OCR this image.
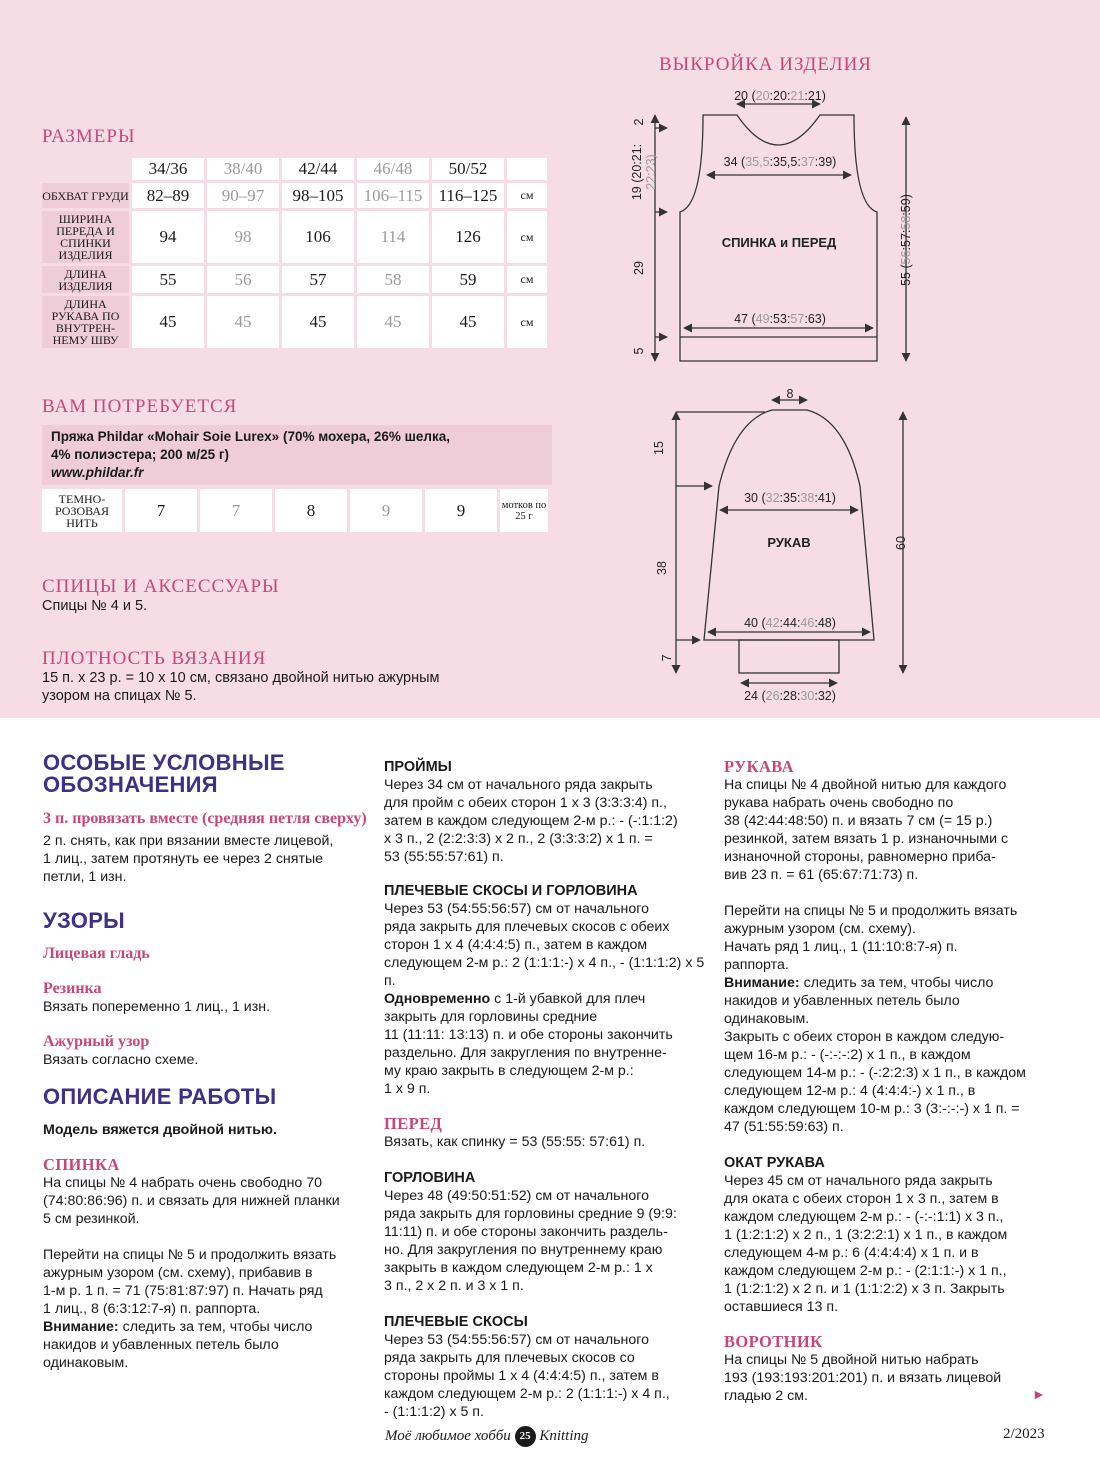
РАЗМЕРЫ
	34/36	38/40	42/44	46/48	50/52	
ОБХВАТ ГРУДИ	82–89	90–97	98–105	106–115	116–125	см
ШИРИНА ПЕРЕДА И СПИНКИ ИЗДЕЛИЯ	94	98	106	114	126	см
ДЛИНА ИЗДЕЛИЯ	55	56	57	58	59	см
ДЛИНА РУКАВА ПО ВНУТРЕН- НЕМУ ШВУ	45	45	45	45	45	см
ВАМ ПОТРЕБУЕТСЯ
Пряжа Phildar «Mohair Soie Lurex» (70% мохера, 26% шелка,
4% полиэстера; 200 м/25 г)
www.phildar.fr
ТЕМНО- РОЗОВАЯ НИТЬ	7	7	8	9	9	мотков по 25 г
СПИЦЫ И АКСЕССУАРЫ
Спицы № 4 и 5.
ПЛОТНОСТЬ ВЯЗАНИЯ
15 п. х 23 р. = 10 х 10 см, связано двойной нитью ажурным
узором на спицах № 5.
ВЫКРОЙКА ИЗДЕЛИЯ
20 (20:20:21:21)
34 (35,5:35,5:37:39)
47 (49:53:57:63)
СПИНКА и ПЕРЕД
2
19 (20:21: 22:23)
29
5
55 (56:57:58:59)
8
30 (32:35:38:41)
40 (42:44:46:48)
24 (26:28:30:32)
РУКАВ
15
38
7
60
ОСОБЫЕ УСЛОВНЫЕ ОБОЗНАЧЕНИЯ
3 п. провязать вместе (средняя петля сверху)

2 п. снять, как при вязании вместе лицевой,

1 лиц., затем протянуть ее через 2 снятые

петли, 1 изн.

УЗОРЫ
Лицевая гладь
Резинка

Вязать попеременно 1 лиц., 1 изн.

Ажурный узор

Вязать согласно схеме.

ОПИСАНИЕ РАБОТЫ

Модель вяжется двойной нитью.

СПИНКА

На спицы № 4 набрать очень свободно 70

(74:80:86:96) п. и связать для нижней планки

5 см резинкой.

Перейти на спицы № 5 и продолжить вязать

ажурным узором (см. схему), прибавив в

1-м р. 1 п. = 71 (75:81:87:97) п. Начать ряд

1 лиц., 8 (6:3:12:7-я) п. раппорта.

Внимание: следить за тем, чтобы число

накидов и убавленных петель было

одинаковым.

ПРОЙМЫ

Через 34 см от начального ряда закрыть

для пройм с обеих сторон 1 х 3 (3:3:3:4) п.,

затем в каждом следующем 2-м р.: - (-:1:1:2)

х 3 п., 2 (2:2:3:3) х 2 п., 2 (3:3:3:2) х 1 п. =

53 (55:55:57:61) п.

ПЛЕЧЕВЫЕ СКОСЫ И ГОРЛОВИНА

Через 53 (54:55:56:57) см от начального

ряда закрыть для плечевых скосов с обеих

сторон 1 х 4 (4:4:4:5) п., затем в каждом

следующем 2-м р.: 2 (1:1:1:-) х 4 п., - (1:1:1:2) х 5 п.

Одновременно с 1-й убавкой для плеч

закрыть для горловины средние

11 (11:11: 13:13) п. и обе стороны закончить

раздельно. Для закругления по внутренне-

му краю закрыть в следующем 2-м р.:

1 х 9 п.

ПЕРЕД

Вязать, как спинку = 53 (55:55: 57:61) п.

ГОРЛОВИНА

Через 48 (49:50:51:52) см от начального

ряда закрыть для горловины средние 9 (9:9:

11:11) п. и обе стороны закончить раздель-

но. Для закругления по внутреннему краю

закрыть в каждом следующем 2-м р.: 1 х

3 п., 2 х 2 п. и 3 х 1 п.

ПЛЕЧЕВЫЕ СКОСЫ

Через 53 (54:55:56:57) см от начального

ряда закрыть для плечевых скосов со

стороны проймы 1 х 4 (4:4:4:5) п., затем в

каждом следующем 2-м р.: 2 (1:1:1:-) х 4 п.,

- (1:1:1:2) х 5 п.

РУКАВА

На спицы № 4 двойной нитью для каждого

рукава набрать очень свободно по

38 (42:44:48:50) п. и вязать 7 см (= 15 р.)

резинкой, затем вязать 1 р. изнаночными с

изнаночной стороны, равномерно приба-

вив 23 п. = 61 (65:67:71:73) п.

Перейти на спицы № 5 и продолжить вязать

ажурным узором (см. схему).

Начать ряд 1 лиц., 1 (11:10:8:7-я) п.

раппорта.

Внимание: следить за тем, чтобы число

накидов и убавленных петель было

одинаковым.

Закрыть с обеих сторон в каждом следую-

щем 16-м р.: - (-:-:-:2) х 1 п., в каждом

следующем 14-м р.: - (-:2:2:3) х 1 п., в каждом

следующем 12-м р.: 4 (4:4:4:-) х 1 п., в

каждом следующем 10-м р.: 3 (3:-:-:-) х 1 п. =

47 (51:55:59:63) п.

ОКАТ РУКАВА

Через 45 см от начального ряда закрыть

для оката с обеих сторон 1 х 3 п., затем в

каждом следующем 2-м р.: - (-:-:1:1) х 3 п.,

1 (1:2:1:2) х 2 п., 1 (3:2:2:1) х 1 п., в каждом

следующем 4-м р.: 6 (4:4:4:4) х 1 п. и в

каждом следующем 2-м р.: - (2:1:1:-) х 1 п.,

1 (1:2:1:2) х 2 п. и 1 (1:1:2:2) х 3 п. Закрыть

оставшиеся 13 п.

ВОРОТНИК

На спицы № 5 двойной нитью набрать

193 (193:193:201:201) п. и вязать лицевой

гладью 2 см.	►
Моё любимое хобби 25 Knitting	2/2023
